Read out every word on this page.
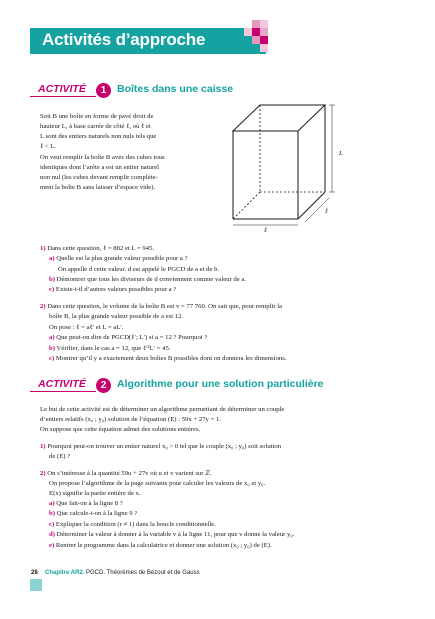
Activités d’approche
ACTIVITÉ	1	Boîtes dans une caisse
Soit B une boîte en forme de pavé droit de
hauteur L, à base carrée de côté ℓ, où ℓ et
L sont des entiers naturels non nuls tels que
ℓ < L.
On veut remplir la boîte B avec des cubes tous
identiques dont l’arête a est un entier naturel
non nul (les cubes devant remplir complète-
ment la boîte B sans laisser d’espace vide).
L
ℓ
ℓ
1) Dans cette question, ℓ = 882 et L = 945.
a) Quelle est la plus grande valeur possible pour a ?
On appelle d cette valeur. d est appelé le PGCD de a et de b.
b) Démontrer que tous les diviseurs de d conviennent comme valeur de a.
c) Existe-t-il d’autres valeurs possibles pour a ?
2) Dans cette question, le volume de la boîte B est v = 77 760. On sait que, pour remplir la
boîte B, la plus grande valeur possible de a est 12.
On pose : ℓ = aℓ′ et L = aL′.
a) Que peut-on dire de PGCD(ℓ′; L′) si a = 12 ? Pourquoi ?
b) Vérifier, dans le cas a = 12, que ℓ′²L′ = 45.
c) Montrer qu’il y a exactement deux boîtes B possibles dont on donnera les dimensions.
ACTIVITÉ	2	Algorithme pour une solution particulière
Le but de cette activité est de déterminer un algorithme permettant de déterminer un couple
d’entiers relatifs (x₀ ; y₀) solution de l’équation (E) : 59x + 27y = 1.
On suppose que cette équation admet des solutions entières.
1) Pourquoi peut-on trouver un entier naturel x₀ > 0 tel que le couple (x₀ ; y₀) soit solution
de (E) ?
2) On s’intéresse à la quantité 59u + 27v où u et v varient sur ℤ.
On propose l’algorithme de la page suivante pour calculer les valeurs de x₀ et y₀.
E(x) signifie la partie entière de x.
a) Que fait-on à la ligne 8 ?
b) Que calcule-t-on à la ligne 9 ?
c) Expliquer la condition (r ≠ 1) dans la boucle conditionnelle.
d) Déterminer la valeur à donner à la variable v à la ligne 11, pour que v donne la valeur y₀.
e) Rentrer le programme dans la calculatrice et donner une solution (x₀ ; y₀) de (E).
28 Chapitre AR2. PGCD. Théorèmes de Bézout et de Gauss
